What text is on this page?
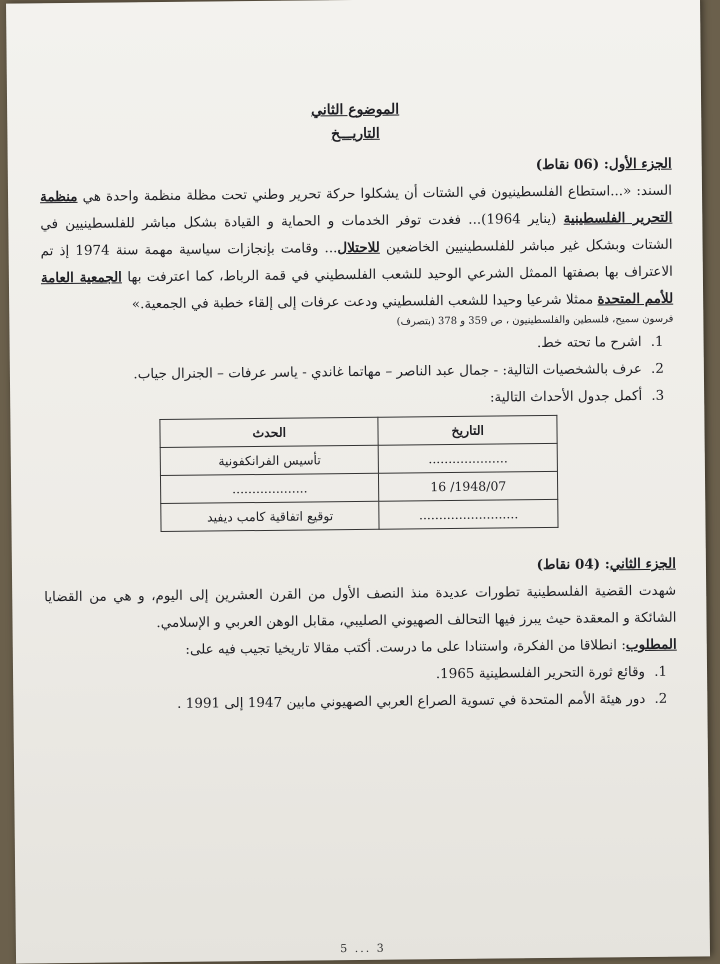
الموضوع الثاني
التاريـــخ
الجزء الأول: (06 نقاط)
السند: «...استطاع الفلسطينيون في الشتات أن يشكلوا حركة تحرير وطني تحت مظلة منظمة واحدة هي منظمة التحرير الفلسطينية (يناير 1964)... فغدت توفر الخدمات و الحماية و القيادة بشكل مباشر للفلسطينيين في الشتات وبشكل غير مباشر للفلسطينيين الخاضعين للاحتلال... وقامت بإنجازات سياسية مهمة سنة 1974 إذ تم الاعتراف بها بصفتها الممثل الشرعي الوحيد للشعب الفلسطيني في قمة الرباط، كما اعترفت بها الجمعية العامة للأمم المتحدة ممثلا شرعيا وحيدا للشعب الفلسطيني ودعت عرفات إلى إلقاء خطبة في الجمعية.»
فرسون سميح، فلسطين والفلسطينيون ، ص 359 و 378 (بتصرف)
1.
اشرح ما تحته خط.
2.
عرف بالشخصيات التالية: - جمال عبد الناصر – مهاتما غاندي - ياسر عرفات – الجنرال جياب.
3.
أكمل جدول الأحداث التالية:
التاريخ	الحدث
....................	تأسيس الفرانكفونية
1948/07/ 16	...................
.........................	توقيع اتفاقية كامب ديفيد
الجزء الثاني: (04 نقاط)
شهدت القضية الفلسطينية تطورات عديدة منذ النصف الأول من القرن العشرين إلى اليوم، و هي من القضايا الشائكة و المعقدة حيث يبرز فيها التحالف الصهيوني الصليبي، مقابل الوهن العربي و الإسلامي.
المطلوب: انطلاقا من الفكرة، واستنادا على ما درست. أكتب مقالا تاريخيا تجيب فيه على:
1.
وقائع ثورة التحرير الفلسطينية 1965.
2.
دور هيئة الأمم المتحدة في تسوية الصراع العربي الصهيوني مابين 1947 إلى 1991 .
5 ... 3
